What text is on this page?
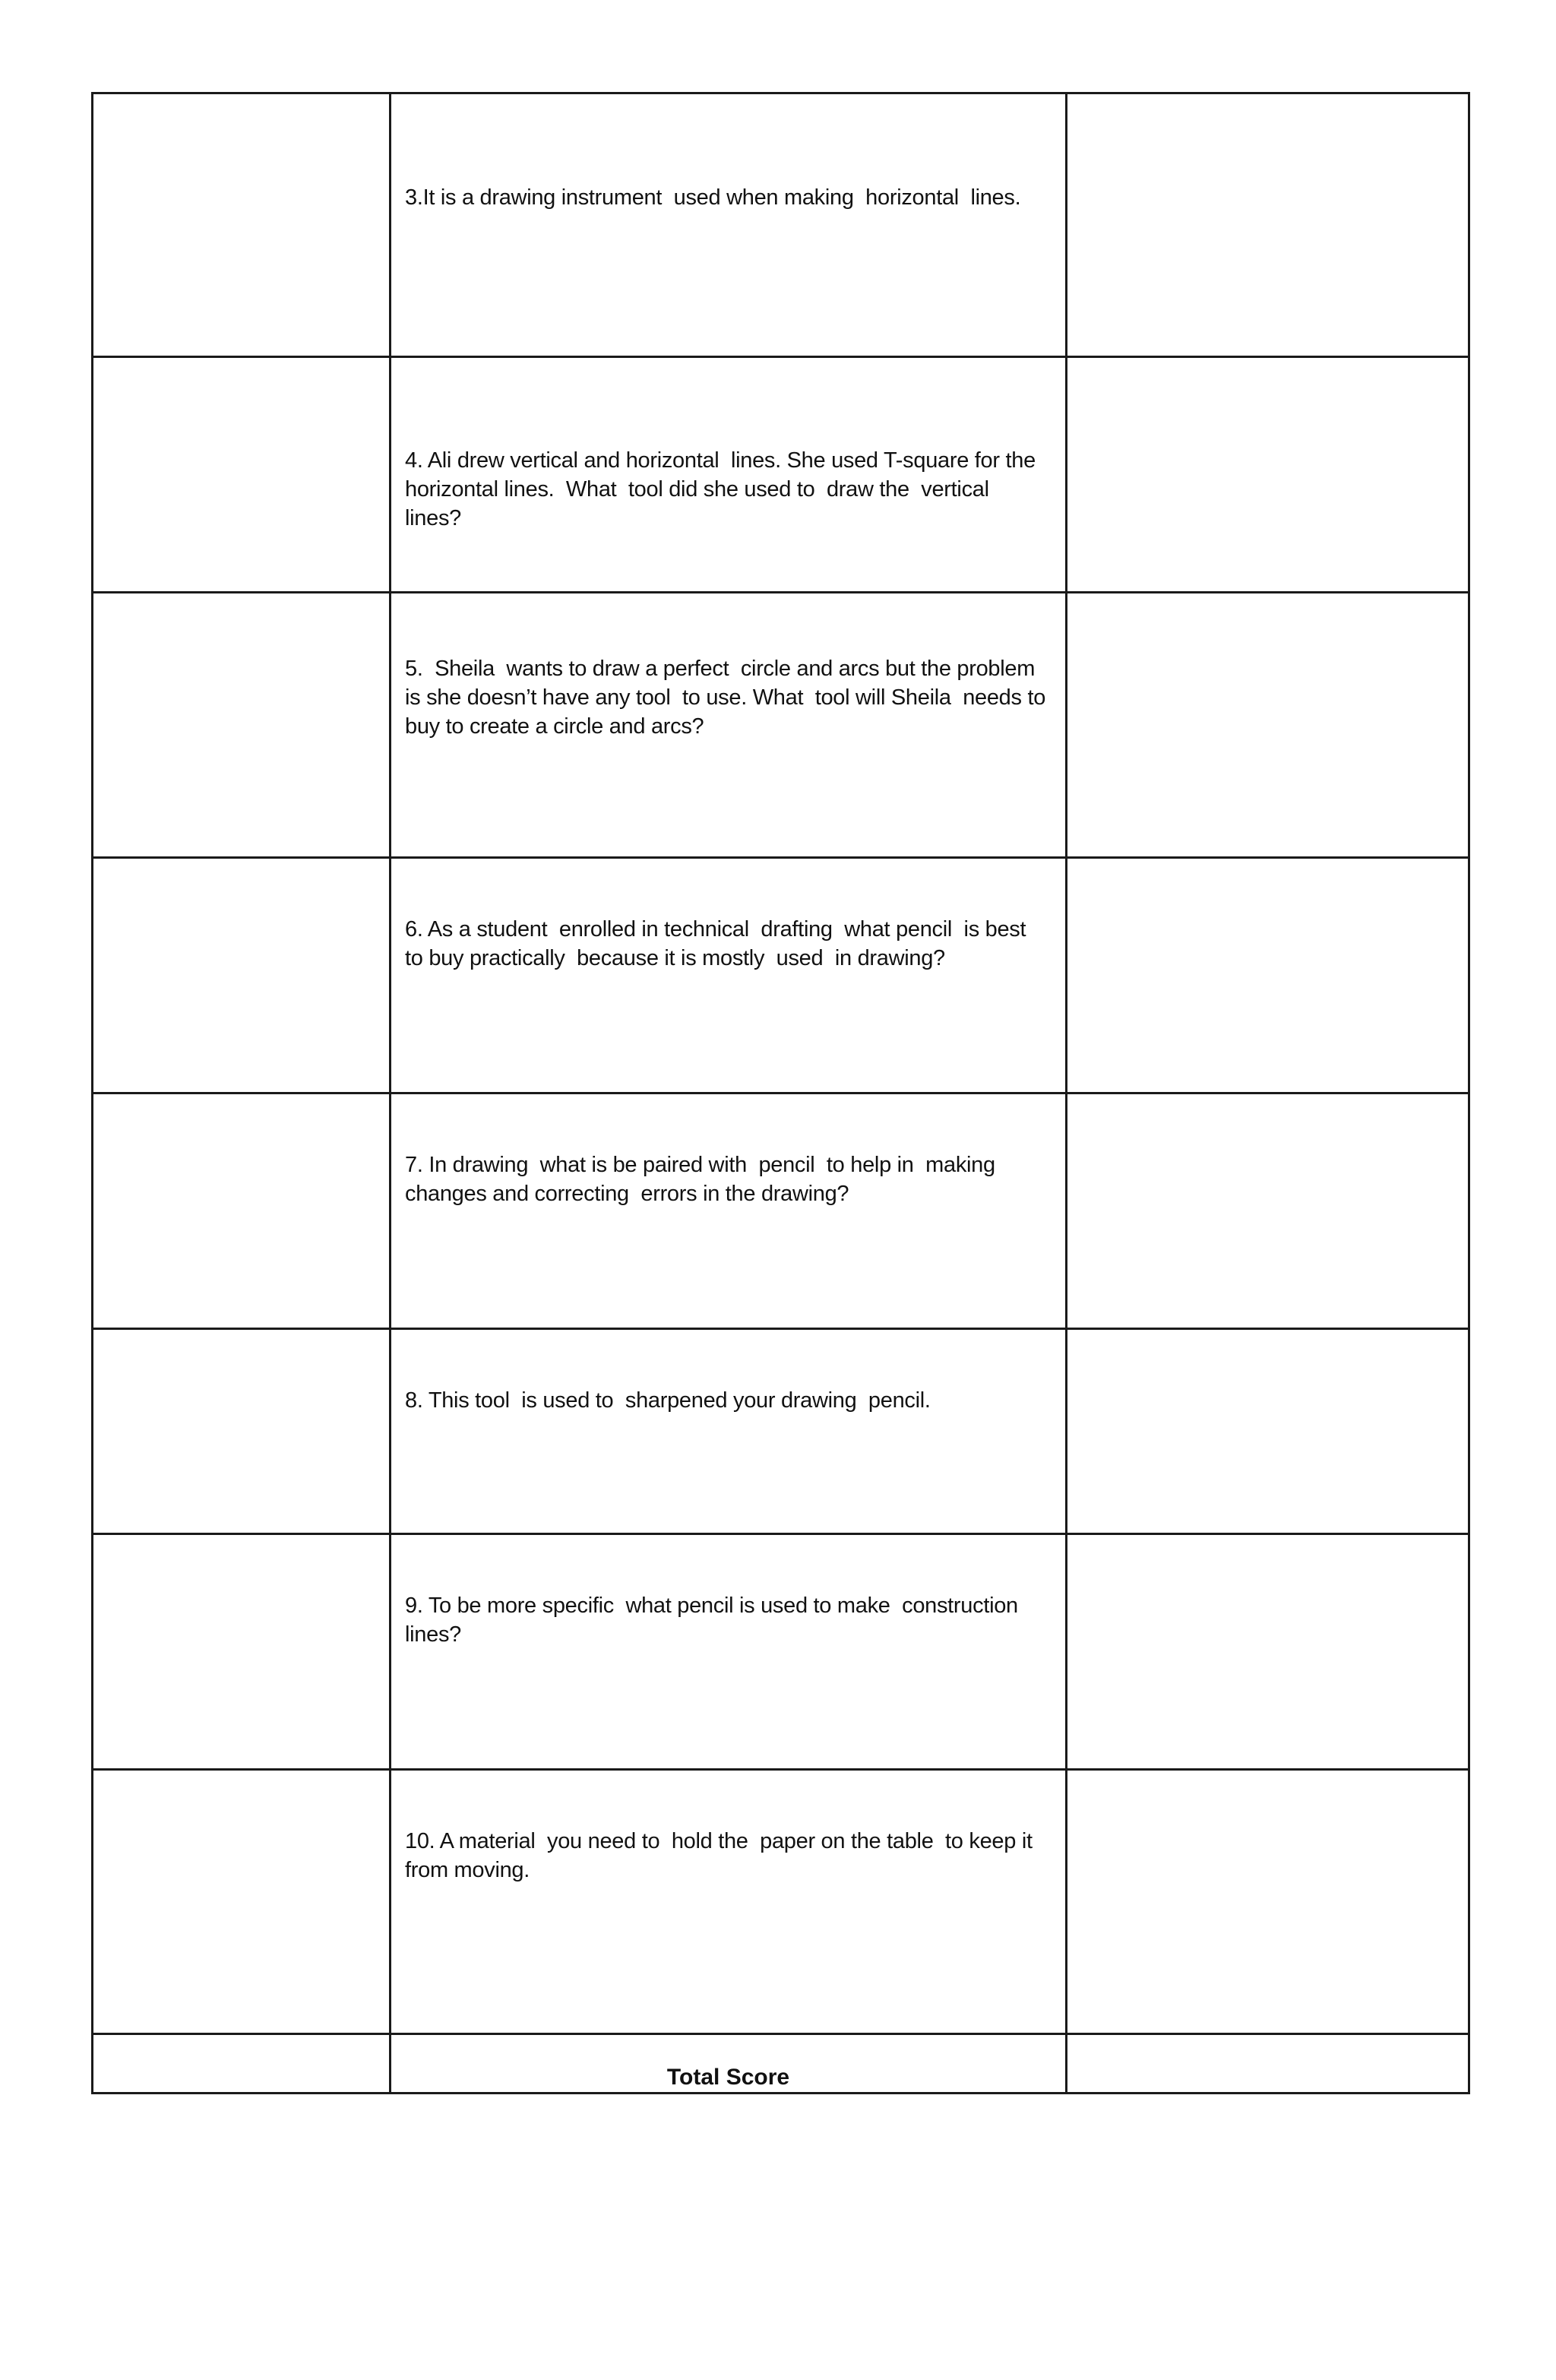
	3.It is a drawing instrument  used when making  horizontal  lines.	

	4. Ali drew vertical and horizontal  lines. She used T-square for the horizontal lines.  What  tool did she used to  draw the  vertical lines?	

	5.  Sheila  wants to draw a perfect  circle and arcs but the problem is she doesn’t have any tool  to use. What  tool will Sheila  needs to buy to create a circle and arcs?	

	6. As a student  enrolled in technical  drafting  what pencil  is best to buy practically  because it is mostly  used  in drawing?	

	7. In drawing  what is be paired with  pencil  to help in  making  changes and correcting  errors in the drawing?	

	8. This tool  is used to  sharpened your drawing  pencil.	

	9. To be more specific  what pencil is used to make  construction  lines?	

	10. A material  you need to  hold the  paper on the table  to keep it from moving.	

	Total Score	
